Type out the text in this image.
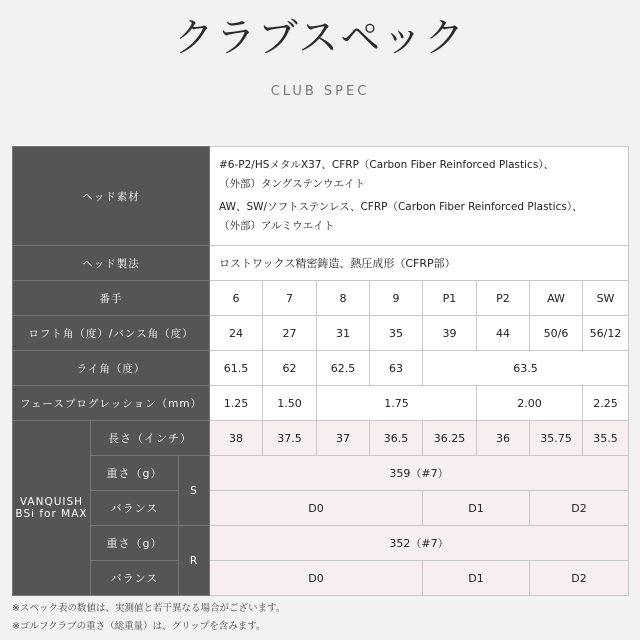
クラブスペック
CLUB SPEC
ヘッド素材			#6-P2/HSメタルX37、CFRP（Carbon Fiber Reinforced Plastics）、
（外部）タングステンウエイト
AW、SW/ソフトステンレス、CFRP（Carbon Fiber Reinforced Plastics）、
（外部）アルミウエイト							

ヘッド製法			ロストワックス精密鋳造、熱圧成形（CFRP部）							
番手			6	7	8	9	P1	P2	AW	SW
ロフト角（度）/バンス角（度）			24	27	31	35	39	44	50/6	56/12
ライ角（度）			61.5	62	62.5	63	63.5			
フェースプログレッション（mm）			1.25	1.50	1.75			2.00		2.25

VANQUISH
BSi for MAX	長さ（インチ）		38	37.5	37	36.5	36.25	36	35.75	35.5
	重さ（g）	S	359（#7）							
	バランス		D0				D1		D2	
	重さ（g）	R	352（#7）							
	バランス		D0				D1		D2	
※スペック表の数値は、実測値と若干異なる場合がございます。
※ゴルフクラブの重さ（総重量）は、グリップを含みます。
